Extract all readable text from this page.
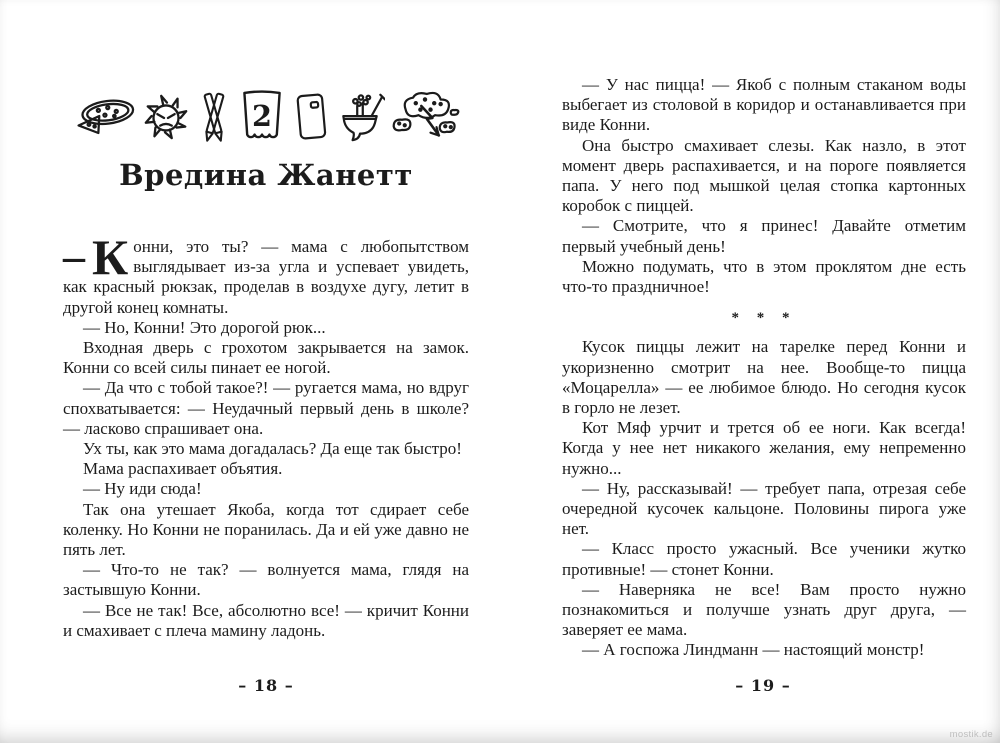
2
Вредина Жанетт

– К онни, это ты? — мама с любопытством выглядывает из-за угла и успевает увидеть, как красный рюкзак, проделав в воздухе дугу, летит в другой конец комнаты.

— Но, Конни! Это дорогой рюк...

Входная дверь с грохотом закрывается на замок. Конни со всей силы пинает ее ногой.

— Да что с тобой такое?! — ругается мама, но вдруг спохватывается: — Неудачный первый день в школе? — ласково спрашивает она.

Ух ты, как это мама догадалась? Да еще так быстро!

Мама распахивает объятия.

— Ну иди сюда!

Так она утешает Якоба, когда тот сдирает себе коленку. Но Конни не поранилась. Да и ей уже давно не пять лет.

— Что-то не так? — волнуется мама, глядя на застывшую Конни.

— Все не так! Все, абсолютно все! — кричит Конни и смахивает с плеча мамину ладонь.

– 18 –

— У нас пицца! — Якоб с полным стаканом воды выбегает из столовой в коридор и останавливается при виде Конни.

Она быстро смахивает слезы. Как назло, в этот момент дверь распахивается, и на пороге появляется папа. У него под мышкой целая стопка картонных коробок с пиццей.

— Смотрите, что я принес! Давайте отметим первый учебный день!

Можно подумать, что в этом проклятом дне есть что-то праздничное!

* * *

Кусок пиццы лежит на тарелке перед Конни и укоризненно смотрит на нее. Вообще-то пицца «Моцарелла» — ее любимое блюдо. Но сегодня кусок в горло не лезет.

Кот Мяф урчит и трется об ее ноги. Как всегда! Когда у нее нет никакого желания, ему непременно нужно...

— Ну, рассказывай! — требует папа, отрезая себе очередной кусочек кальцоне. Половины пирога уже нет.

— Класс просто ужасный. Все ученики жутко противные! — стонет Конни.

— Наверняка не все! Вам просто нужно познакомиться и получше узнать друг друга, — заверяет ее мама.

— А госпожа Линдманн — настоящий монстр!

– 19 –
mostik.de
